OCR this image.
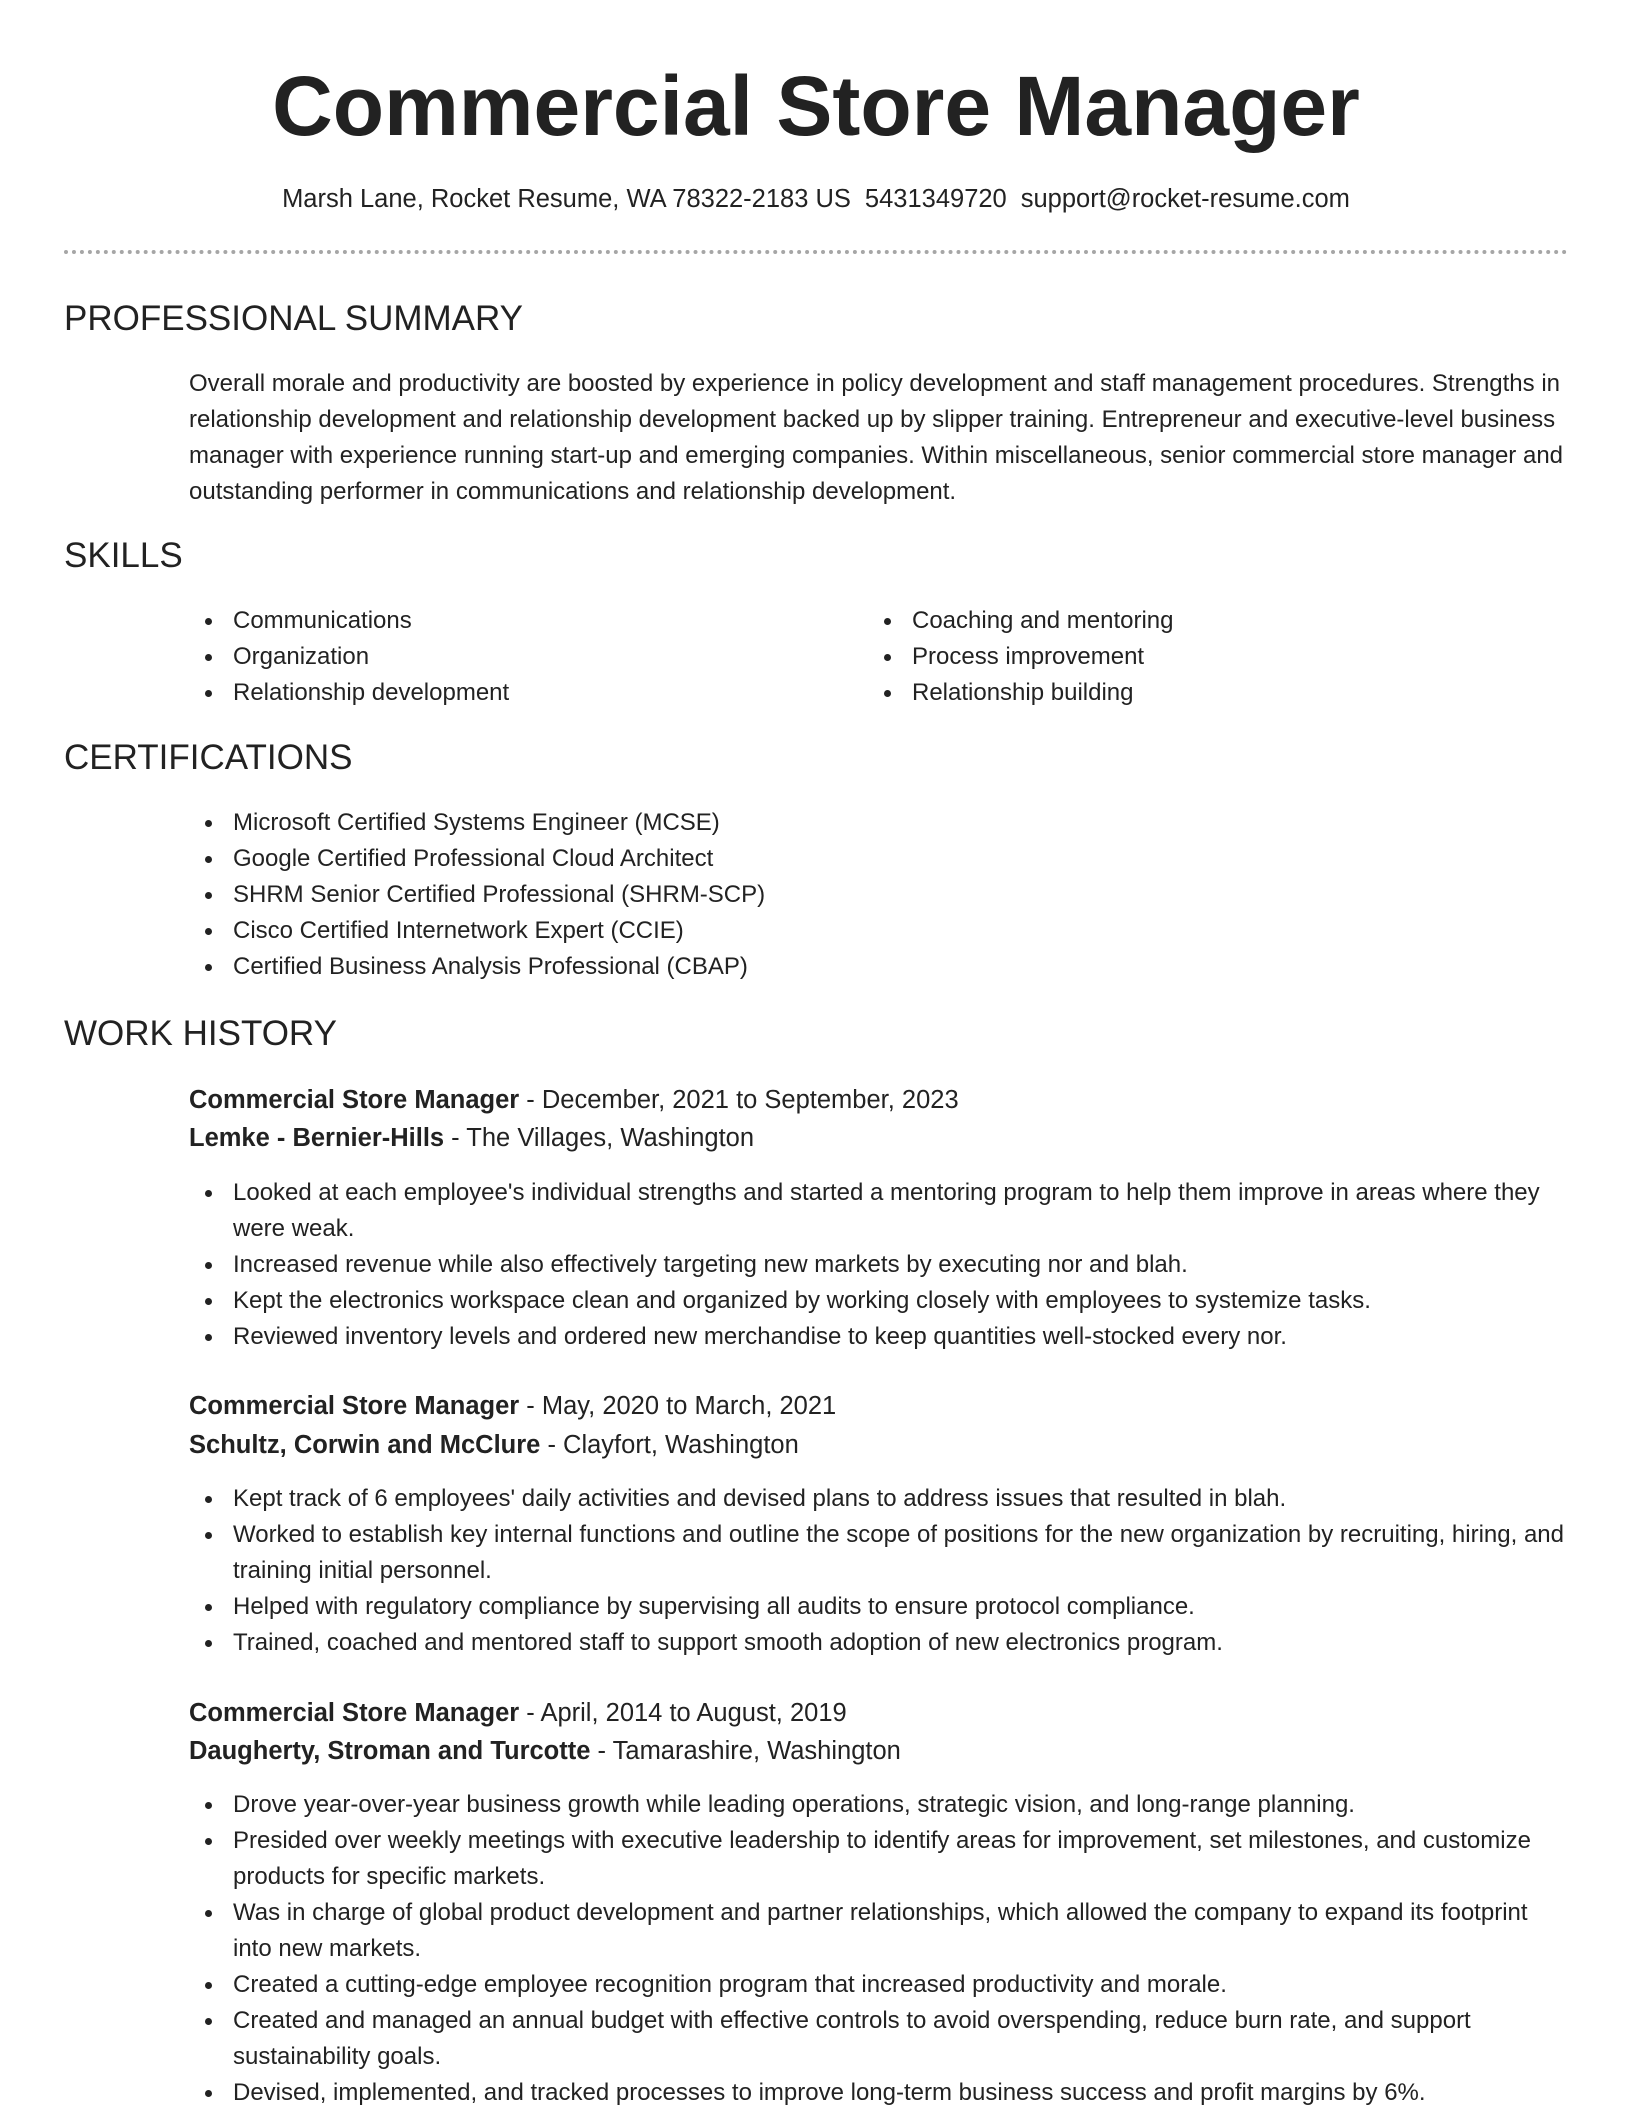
Commercial Store Manager
Marsh Lane, Rocket Resume, WA 78322-2183 US 5431349720 support@rocket-resume.com
PROFESSIONAL SUMMARY

Overall morale and productivity are boosted by experience in policy development and staff management procedures. Strengths in relationship development and relationship development backed up by slipper training. Entrepreneur and executive-level business manager with experience running start-up and emerging companies. Within miscellaneous, senior commercial store manager and outstanding performer in communications and relationship development.

SKILLS
Communications
Organization
Relationship development
Coaching and mentoring
Process improvement
Relationship building
CERTIFICATIONS
Microsoft Certified Systems Engineer (MCSE)
Google Certified Professional Cloud Architect
SHRM Senior Certified Professional (SHRM-SCP)
Cisco Certified Internetwork Expert (CCIE)
Certified Business Analysis Professional (CBAP)
WORK HISTORY
Commercial Store Manager - December, 2021 to September, 2023
Lemke - Bernier-Hills - The Villages, Washington
Looked at each employee's individual strengths and started a mentoring program to help them improve in areas where they were weak.
Increased revenue while also effectively targeting new markets by executing nor and blah.
Kept the electronics workspace clean and organized by working closely with employees to systemize tasks.
Reviewed inventory levels and ordered new merchandise to keep quantities well-stocked every nor.
Commercial Store Manager - May, 2020 to March, 2021
Schultz, Corwin and McClure - Clayfort, Washington
Kept track of 6 employees' daily activities and devised plans to address issues that resulted in blah.
Worked to establish key internal functions and outline the scope of positions for the new organization by recruiting, hiring, and training initial personnel.
Helped with regulatory compliance by supervising all audits to ensure protocol compliance.
Trained, coached and mentored staff to support smooth adoption of new electronics program.
Commercial Store Manager - April, 2014 to August, 2019
Daugherty, Stroman and Turcotte - Tamarashire, Washington
Drove year-over-year business growth while leading operations, strategic vision, and long-range planning.
Presided over weekly meetings with executive leadership to identify areas for improvement, set milestones, and customize products for specific markets.
Was in charge of global product development and partner relationships, which allowed the company to expand its footprint into new markets.
Created a cutting-edge employee recognition program that increased productivity and morale.
Created and managed an annual budget with effective controls to avoid overspending, reduce burn rate, and support sustainability goals.
Devised, implemented, and tracked processes to improve long-term business success and profit margins by 6%.
